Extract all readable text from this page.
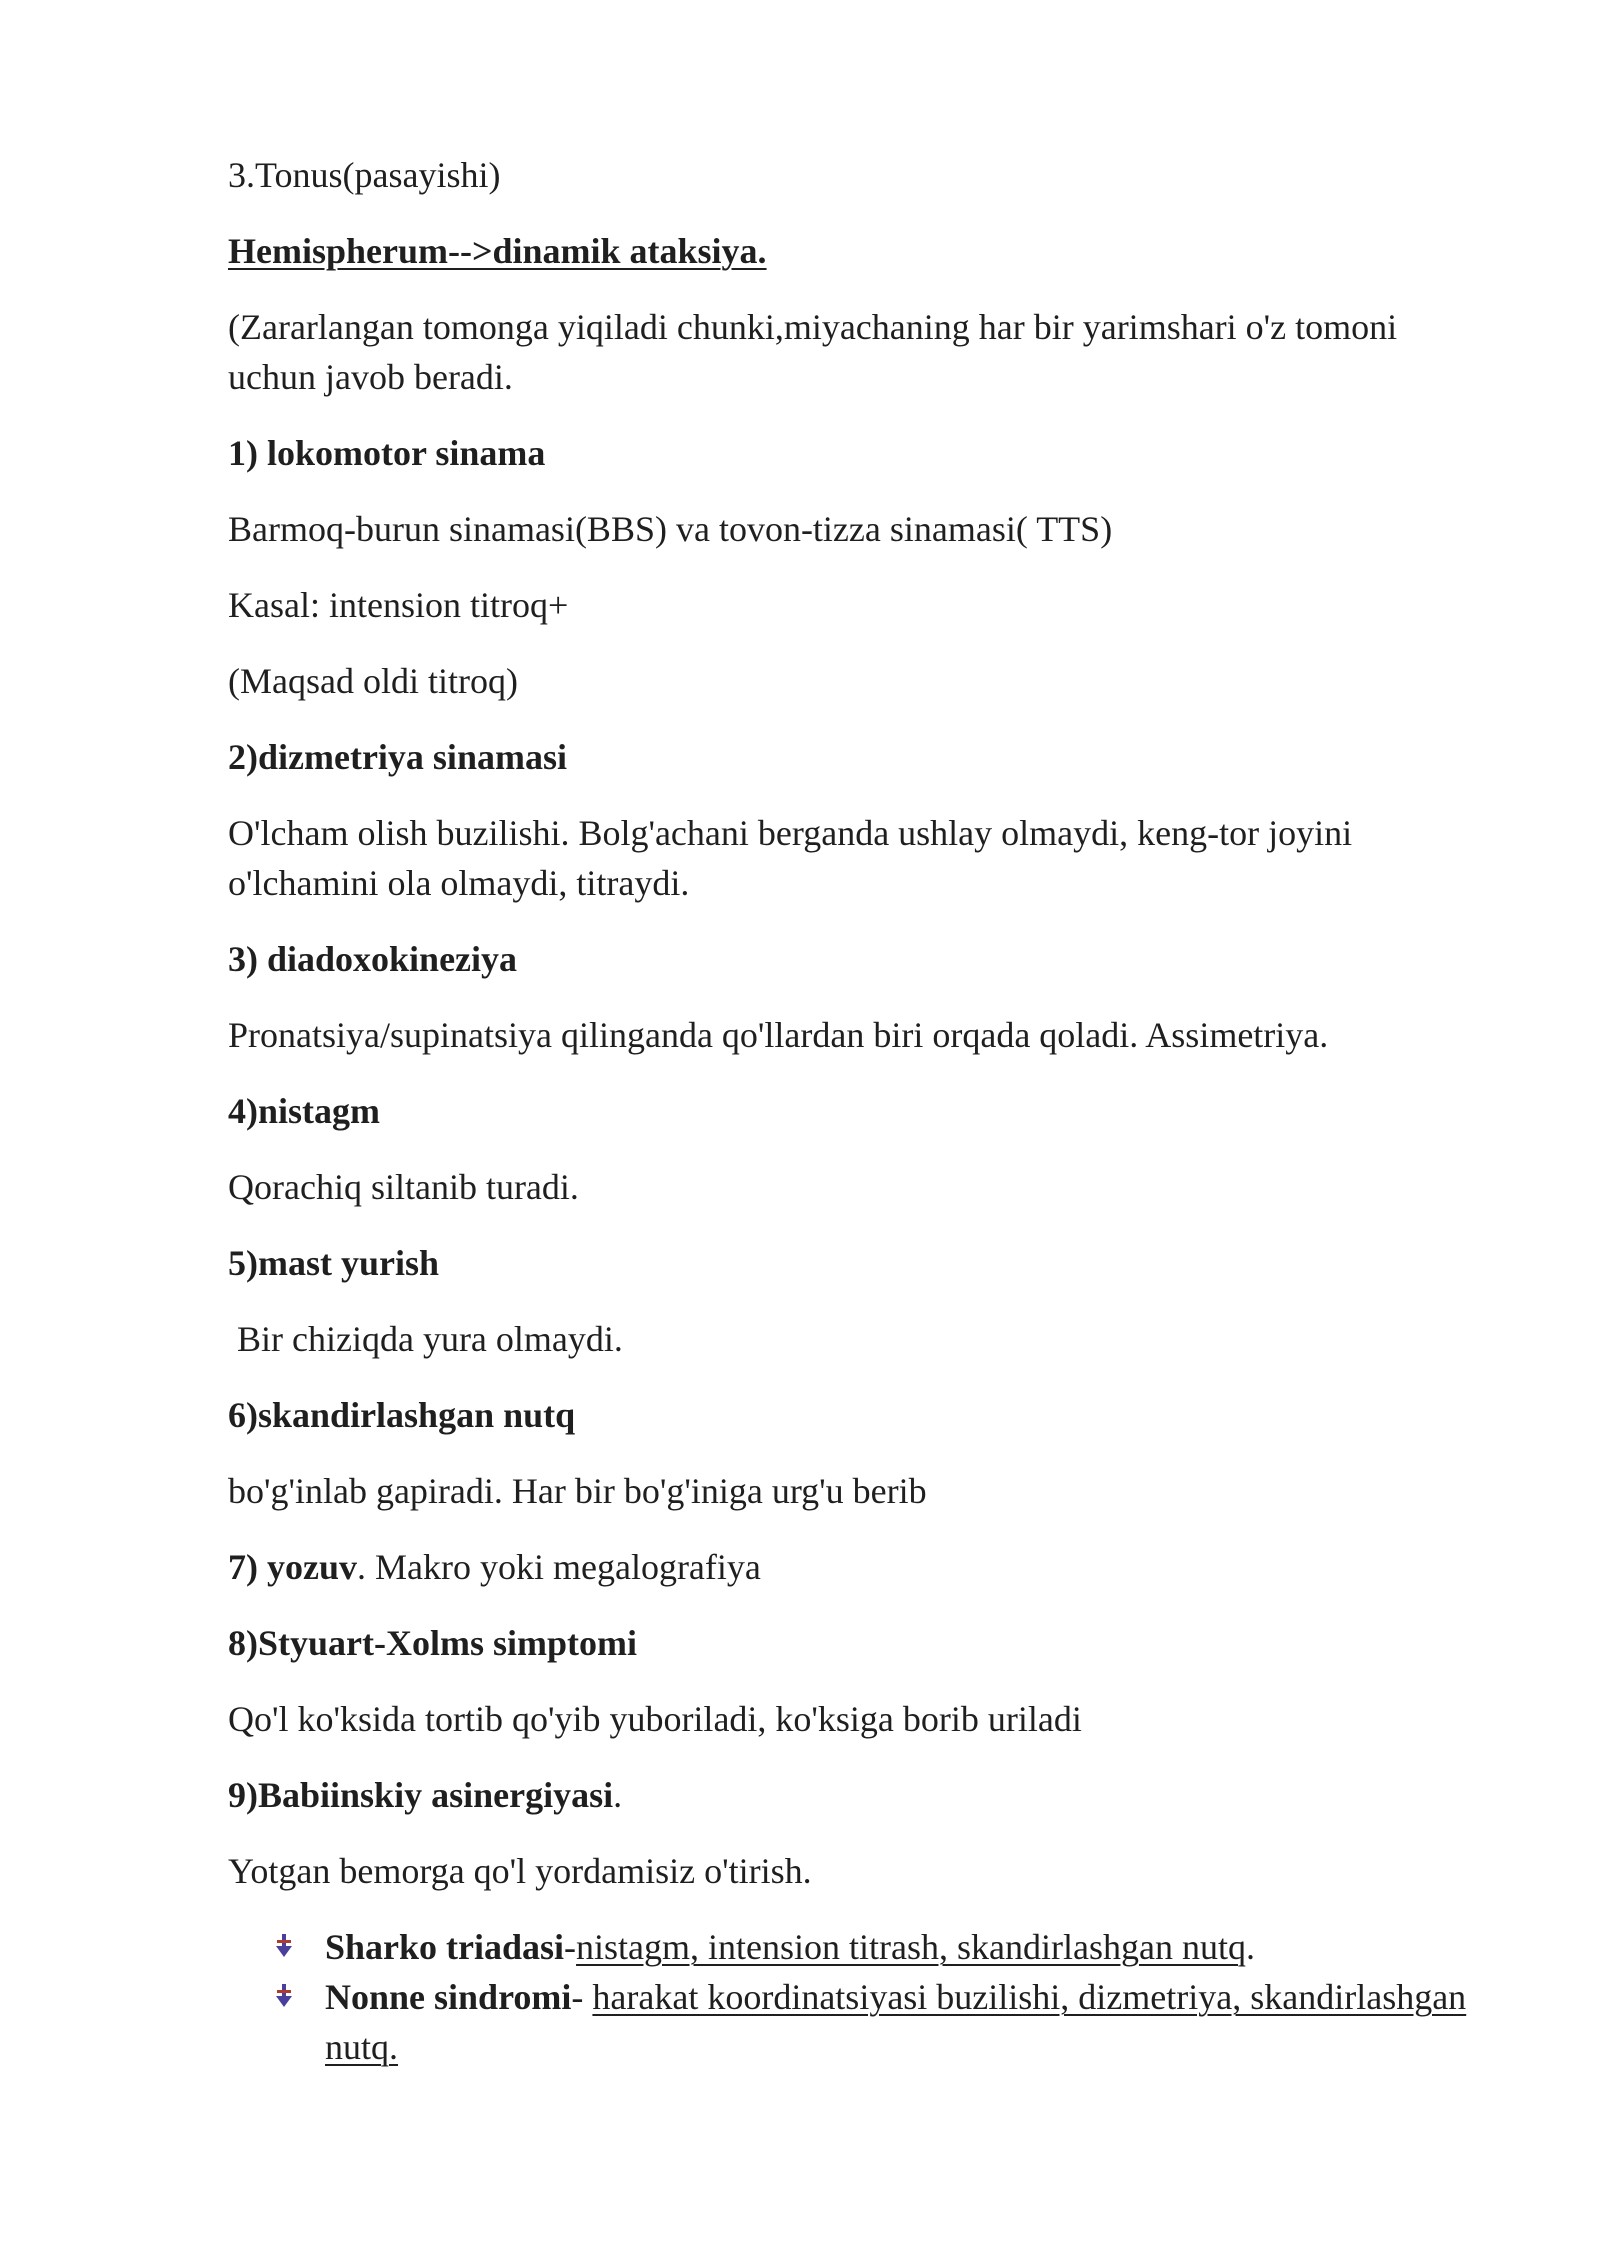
3.Tonus(pasayishi)

Hemispherum-->dinamik ataksiya.

(Zararlangan tomonga yiqiladi chunki,miyachaning har bir yarimshari o'z tomoni uchun javob beradi.

1) lokomotor sinama

Barmoq-burun sinamasi(BBS) va tovon-tizza sinamasi( TTS)

Kasal: intension titroq+

(Maqsad oldi titroq)

2)dizmetriya sinamasi

O'lcham olish buzilishi. Bolg'achani berganda ushlay olmaydi, keng-tor joyini o'lchamini ola olmaydi, titraydi.

3) diadoxokineziya

Pronatsiya/supinatsiya qilinganda qo'llardan biri orqada qoladi. Assimetriya.

4)nistagm

Qorachiq siltanib turadi.

5)mast yurish

Bir chiziqda yura olmaydi.

6)skandirlashgan nutq

bo'g'inlab gapiradi. Har bir bo'g'iniga urg'u berib

7) yozuv. Makro yoki megalografiya

8)Styuart-Xolms simptomi

Qo'l ko'ksida tortib qo'yib yuboriladi, ko'ksiga borib uriladi

9)Babiinskiy asinergiyasi.

Yotgan bemorga qo'l yordamisiz o'tirish.

Sharko triadasi-nistagm, intension titrash, skandirlashgan nutq.
Nonne sindromi- harakat koordinatsiyasi buzilishi, dizmetriya, skandirlashgan nutq.
